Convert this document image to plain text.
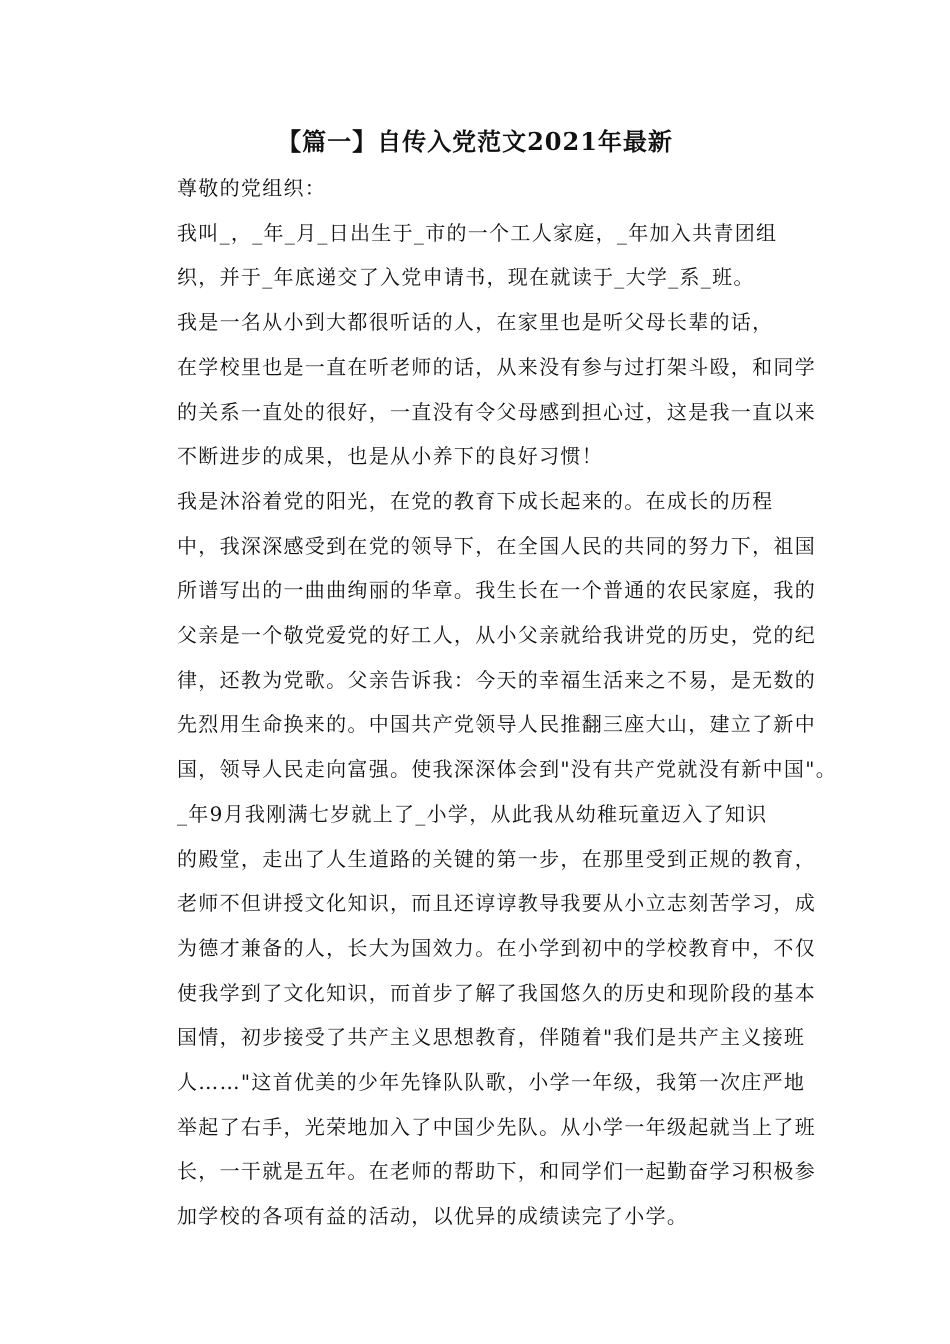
【篇一】自传入党范文2021年最新

尊敬的党组织：

我叫_，_年_月_日出生于_市的一个工人家庭，_年加入共青团组
织，并于_年底递交了入党申请书，现在就读于_大学_系_班。

我是一名从小到大都很听话的人，在家里也是听父母长辈的话，
在学校里也是一直在听老师的话，从来没有参与过打架斗殴，和同学
的关系一直处的很好，一直没有令父母感到担心过，这是我一直以来
不断进步的成果，也是从小养下的良好习惯！

我是沐浴着党的阳光，在党的教育下成长起来的。在成长的历程
中，我深深感受到在党的领导下，在全国人民的共同的努力下，祖国
所谱写出的一曲曲绚丽的华章。我生长在一个普通的农民家庭，我的
父亲是一个敬党爱党的好工人，从小父亲就给我讲党的历史，党的纪
律，还教为党歌。父亲告诉我：今天的幸福生活来之不易，是无数的
先烈用生命换来的。中国共产党领导人民推翻三座大山，建立了新中
国，领导人民走向富强。使我深深体会到"没有共产党就没有新中国"。

_年9月我刚满七岁就上了_小学，从此我从幼稚玩童迈入了知识
的殿堂，走出了人生道路的关键的第一步，在那里受到正规的教育，
老师不但讲授文化知识，而且还谆谆教导我要从小立志刻苦学习，成
为德才兼备的人，长大为国效力。在小学到初中的学校教育中，不仅
使我学到了文化知识，而首步了解了我国悠久的历史和现阶段的基本
国情，初步接受了共产主义思想教育，伴随着"我们是共产主义接班
人……"这首优美的少年先锋队队歌，小学一年级，我第一次庄严地
举起了右手，光荣地加入了中国少先队。从小学一年级起就当上了班
长，一干就是五年。在老师的帮助下，和同学们一起勤奋学习积极参
加学校的各项有益的活动，以优异的成绩读完了小学。
